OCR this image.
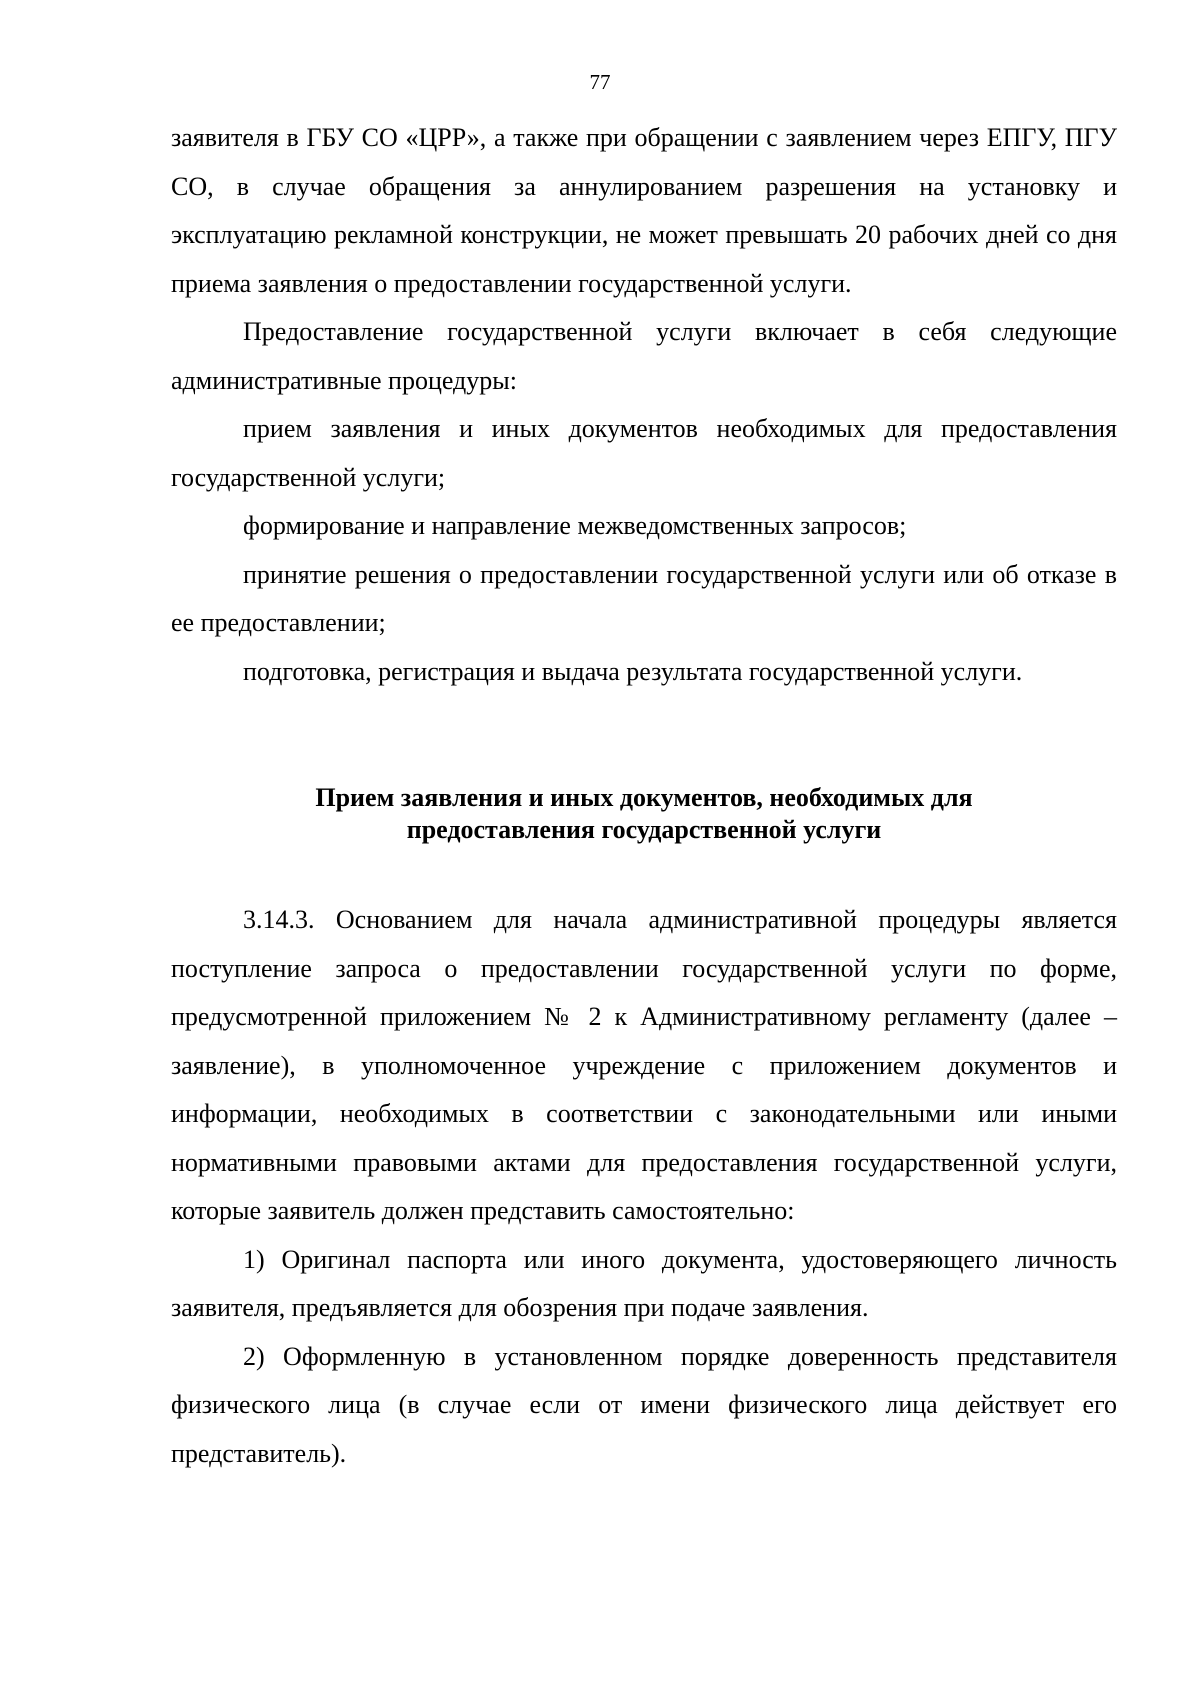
77

заявителя в ГБУ СО «ЦРР», а также при обращении с заявлением через ЕПГУ, ПГУ СО, в случае обращения за аннулированием разрешения на установку и эксплуатацию рекламной конструкции, не может превышать 20 рабочих дней со дня приема заявления о предоставлении государственной услуги.

Предоставление государственной услуги включает в себя следующие административные процедуры:

прием заявления и иных документов необходимых для предоставления государственной услуги;

формирование и направление межведомственных запросов;

принятие решения о предоставлении государственной услуги или об отказе в ее предоставлении;

подготовка, регистрация и выдача результата государственной услуги.

Прием заявления и иных документов, необходимых для
предоставления государственной услуги

3.14.3. Основанием для начала административной процедуры является поступление запроса о предоставлении государственной услуги по форме, предусмотренной приложением № 2 к Административному регламенту (далее – заявление), в уполномоченное учреждение с приложением документов и информации, необходимых в соответствии с законодательными или иными нормативными правовыми актами для предоставления государственной услуги, которые заявитель должен представить самостоятельно:

1) Оригинал паспорта или иного документа, удостоверяющего личность заявителя, предъявляется для обозрения при подаче заявления.

2) Оформленную в установленном порядке доверенность представителя физического лица (в случае если от имени физического лица действует его представитель).
